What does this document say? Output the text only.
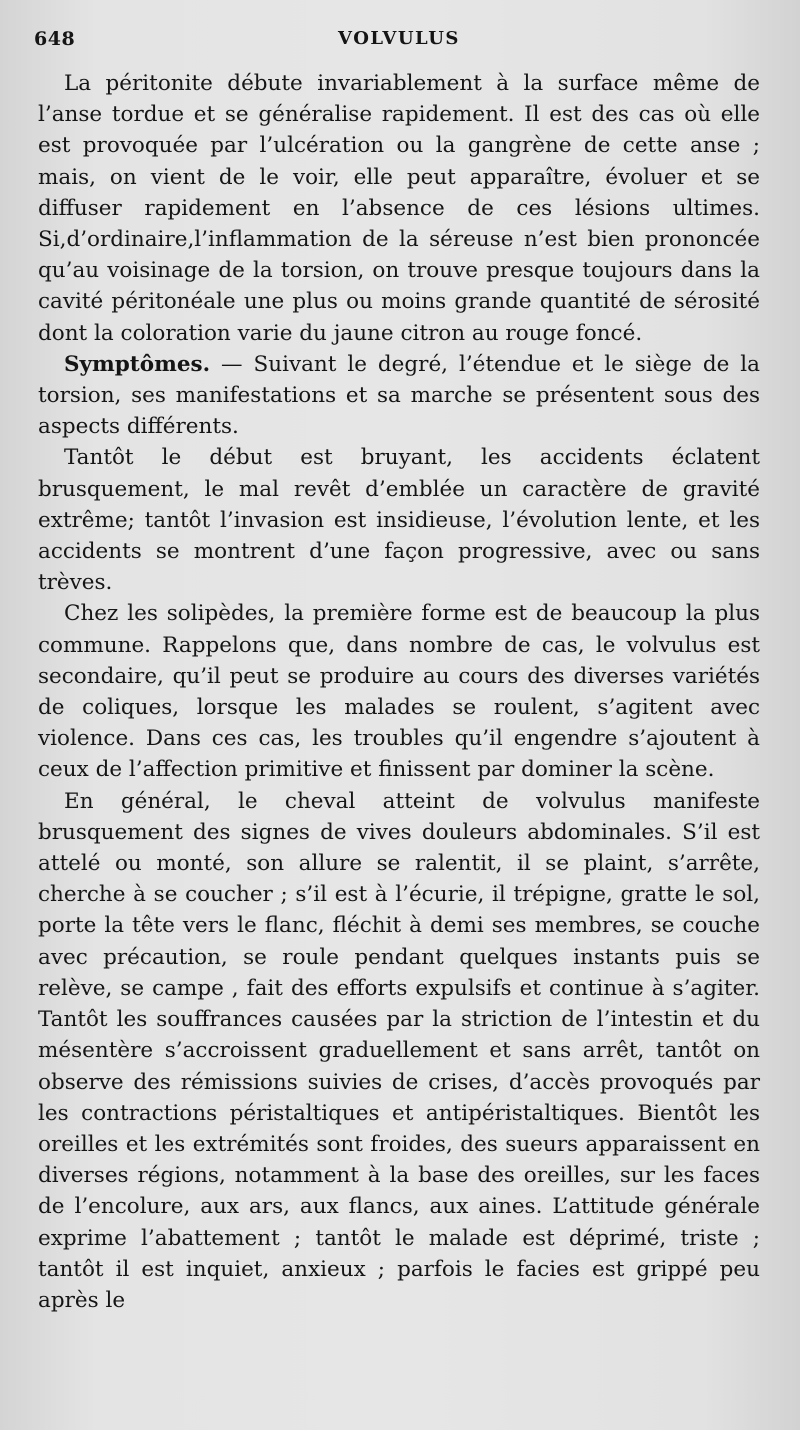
648	VOLVULUS

La péritonite débute invariablement à la surface même de l’anse tordue et se généralise rapidement. Il est des cas où elle est provoquée par l’ulcération ou la gangrène de cette anse ; mais, on vient de le voir, elle peut apparaître, évoluer et se diffuser rapidement en l’absence de ces lésions ultimes. Si,d’ordinaire,l’inflammation de la séreuse n’est bien prononcée qu’au voisinage de la torsion, on trouve presque toujours dans la cavité péritonéale une plus ou moins grande quantité de sérosité dont la coloration varie du jaune citron au rouge foncé.

Symptômes. — Suivant le degré, l’étendue et le siège de la torsion, ses manifestations et sa marche se présentent sous des aspects différents.

Tantôt le début est bruyant, les accidents éclatent brusquement, le mal revêt d’emblée un caractère de gravité extrême; tantôt l’invasion est insidieuse, l’évolution lente, et les accidents se montrent d’une façon progressive, avec ou sans trèves.

Chez les solipèdes, la première forme est de beaucoup la plus commune. Rappelons que, dans nombre de cas, le volvulus est secondaire, qu’il peut se produire au cours des diverses variétés de coliques, lorsque les malades se roulent, s’agitent avec violence. Dans ces cas, les troubles qu’il engendre s’ajoutent à ceux de l’affection primitive et finissent par dominer la scène.

En général, le cheval atteint de volvulus manifeste brusquement des signes de vives douleurs abdominales. S’il est attelé ou monté, son allure se ralentit, il se plaint, s’arrête, cherche à se coucher ; s’il est à l’écurie, il trépigne, gratte le sol, porte la tête vers le flanc, fléchit à demi ses membres, se couche avec précaution, se roule pendant quelques instants puis se relève, se campe , fait des efforts expulsifs et continue à s’agiter. Tantôt les souffrances causées par la striction de l’intestin et du mésentère s’accroissent graduellement et sans arrêt, tantôt on observe des rémissions suivies de crises, d’accès provoqués par les contractions péristaltiques et antipéristaltiques. Bientôt les oreilles et les extrémités sont froides, des sueurs apparaissent en diverses régions, notamment à la base des oreilles, sur les faces de l’encolure, aux ars, aux flancs, aux aines. L’attitude générale exprime l’abattement ; tantôt le malade est déprimé, triste ; tantôt il est inquiet, anxieux ; parfois le facies est grippé peu après le
